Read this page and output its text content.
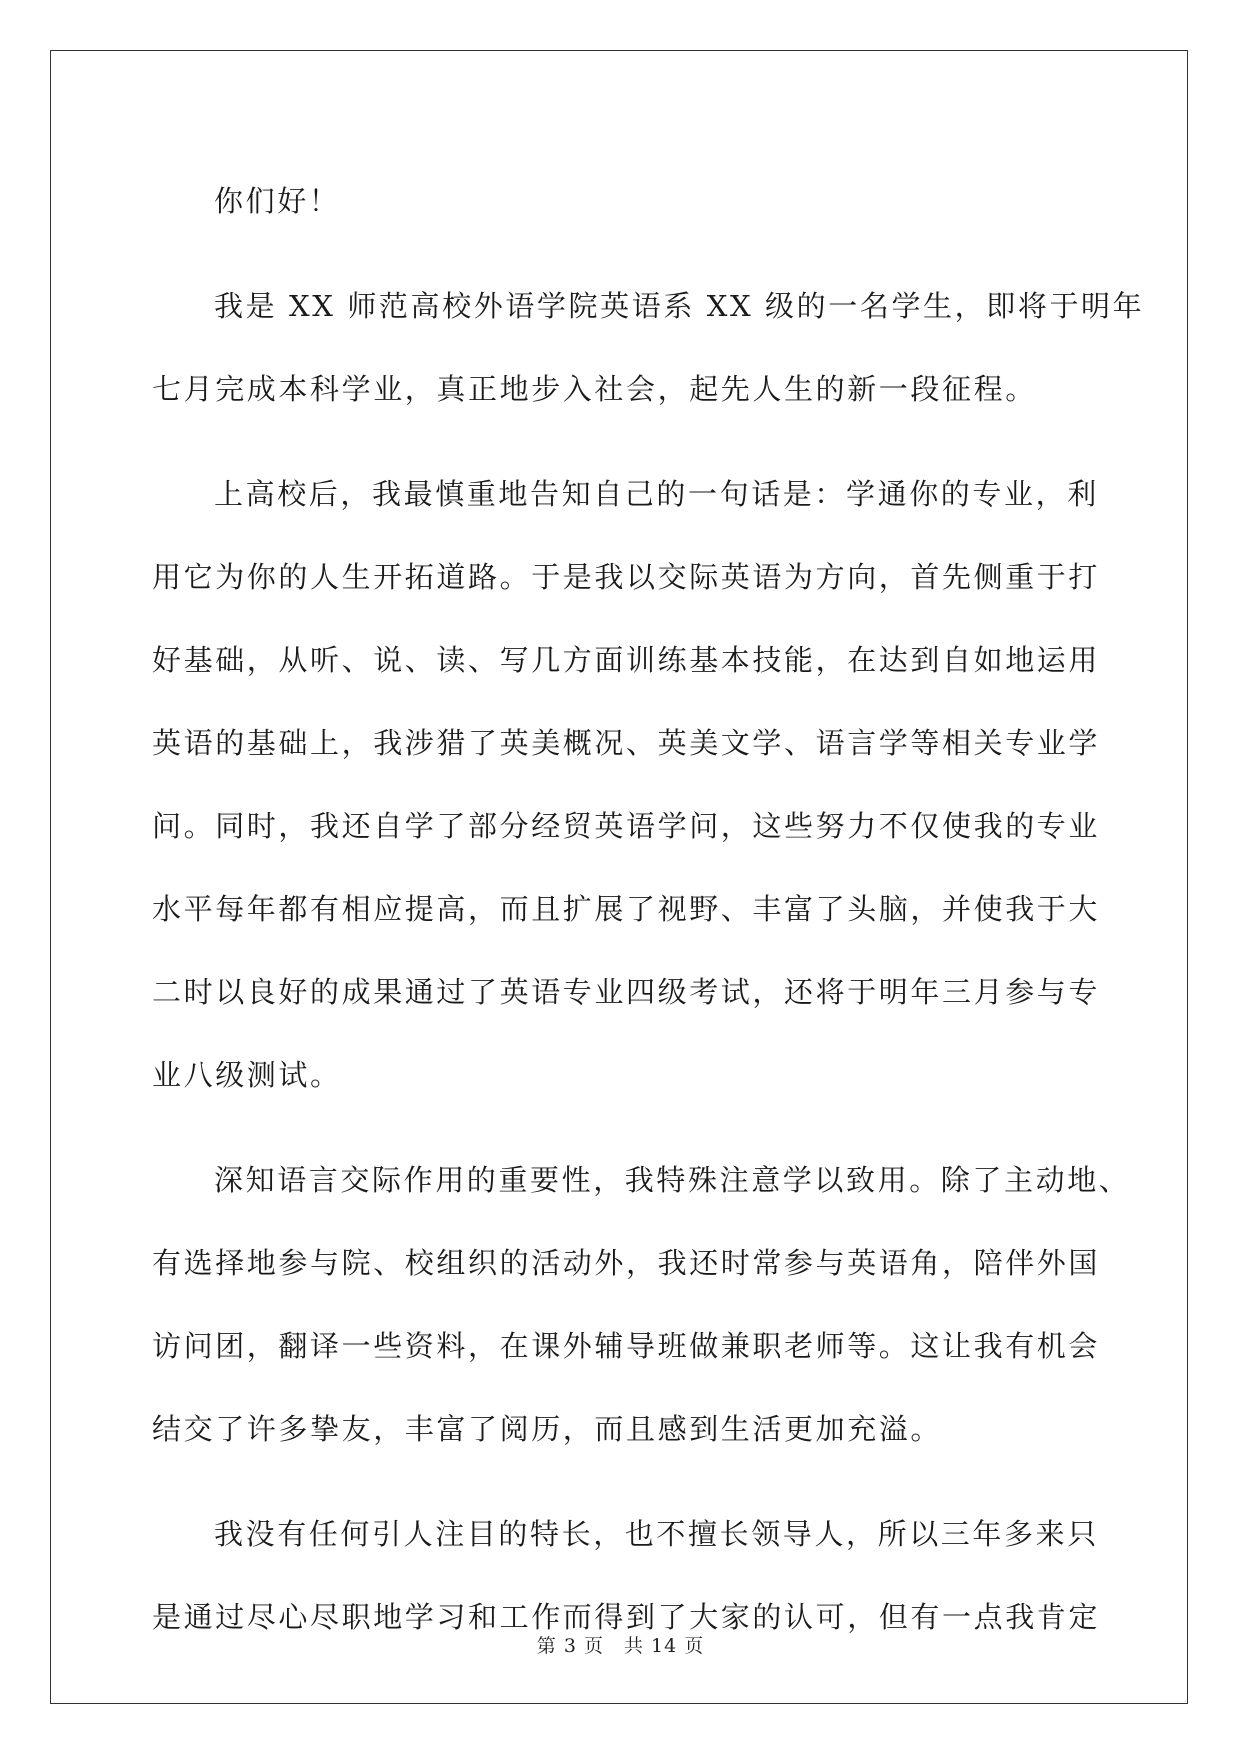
你们好！
我是 XX 师范高校外语学院英语系 XX 级的一名学生，即将于明年
七月完成本科学业，真正地步入社会，起先人生的新一段征程。
上高校后，我最慎重地告知自己的一句话是：学通你的专业，利
用它为你的人生开拓道路。于是我以交际英语为方向，首先侧重于打
好基础，从听、说、读、写几方面训练基本技能，在达到自如地运用
英语的基础上，我涉猎了英美概况、英美文学、语言学等相关专业学
问。同时，我还自学了部分经贸英语学问，这些努力不仅使我的专业
水平每年都有相应提高，而且扩展了视野、丰富了头脑，并使我于大
二时以良好的成果通过了英语专业四级考试，还将于明年三月参与专
业八级测试。
深知语言交际作用的重要性，我特殊注意学以致用。除了主动地、
有选择地参与院、校组织的活动外，我还时常参与英语角，陪伴外国
访问团，翻译一些资料，在课外辅导班做兼职老师等。这让我有机会
结交了许多挚友，丰富了阅历，而且感到生活更加充溢。
我没有任何引人注目的特长，也不擅长领导人，所以三年多来只
是通过尽心尽职地学习和工作而得到了大家的认可，但有一点我肯定
第 3 页 共 14 页
